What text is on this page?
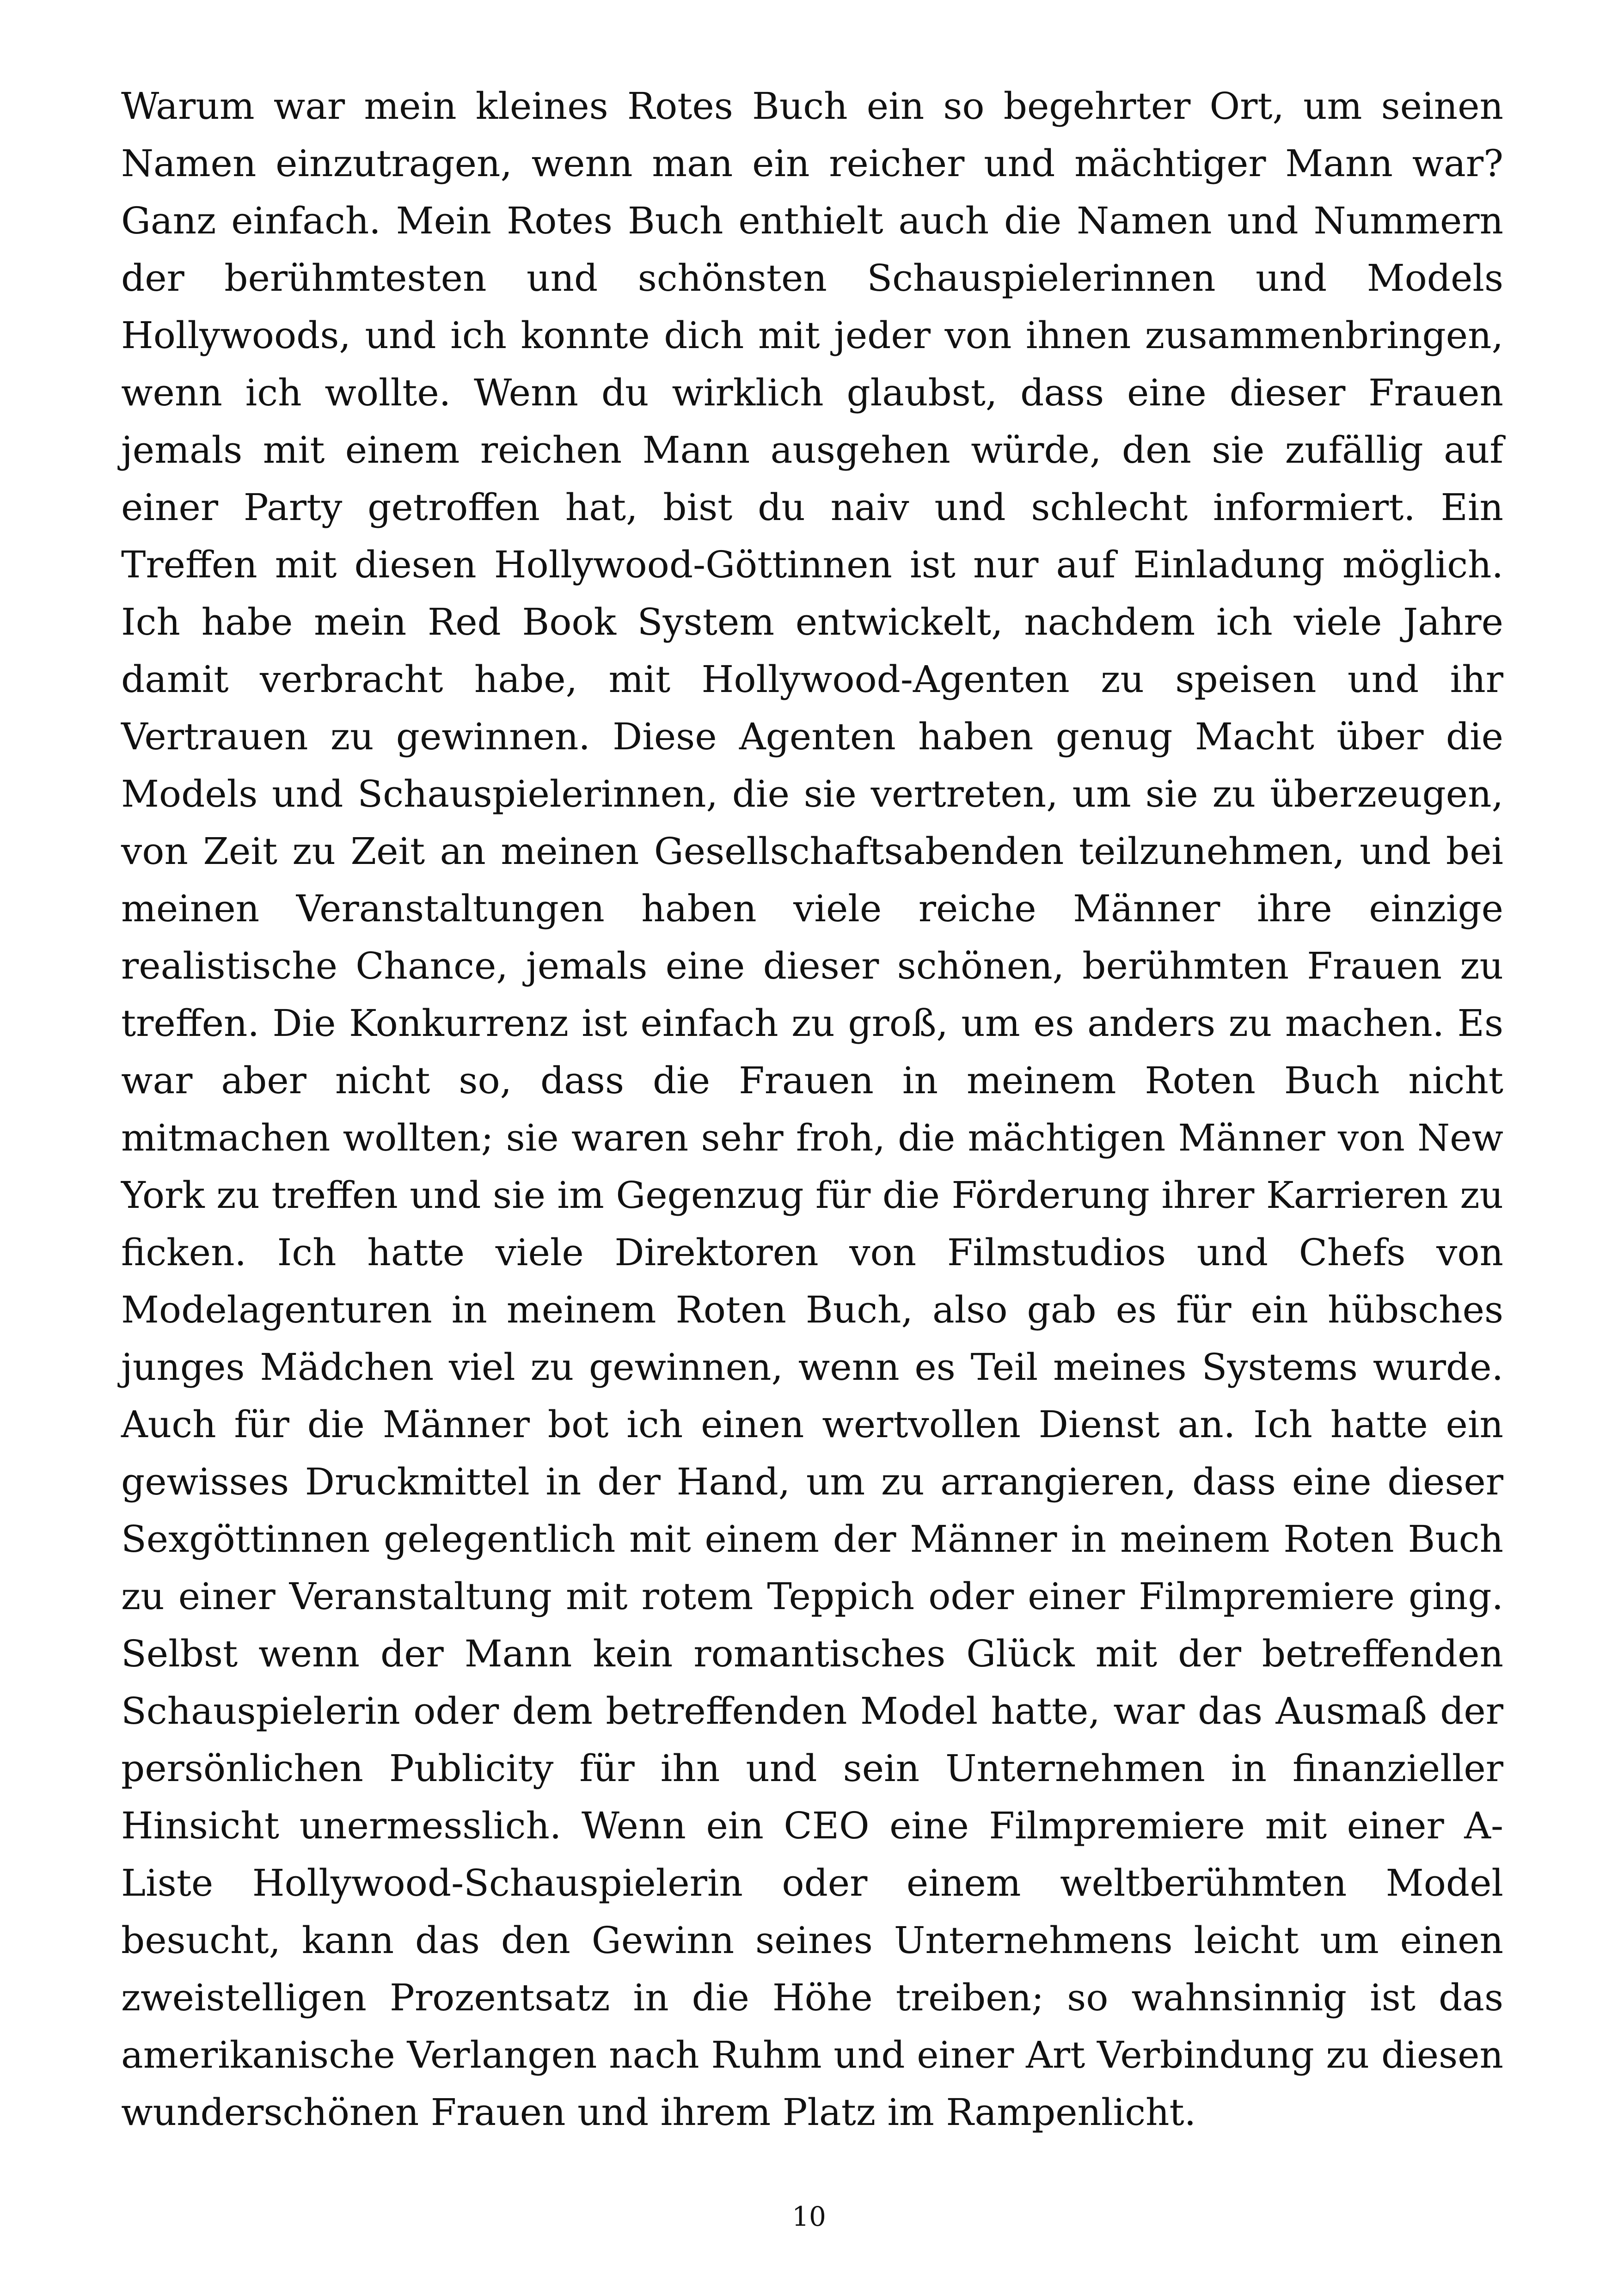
Warum war mein kleines Rotes Buch ein so begehrter Ort, um seinen Namen einzutragen, wenn man ein reicher und mächtiger Mann war? Ganz einfach. Mein Rotes Buch enthielt auch die Namen und Nummern der berühmtesten und schönsten Schauspielerinnen und Models Hollywoods, und ich konnte dich mit jeder von ihnen zusammenbringen, wenn ich wollte. Wenn du wirklich glaubst, dass eine dieser Frauen jemals mit einem reichen Mann ausgehen würde, den sie zufällig auf einer Party getroffen hat, bist du naiv und schlecht informiert. Ein Treffen mit diesen Hollywood-Göttinnen ist nur auf Einladung möglich. Ich habe mein Red Book System entwickelt, nachdem ich viele Jahre damit verbracht habe, mit Hollywood-Agenten zu speisen und ihr Vertrauen zu gewinnen. Diese Agenten haben genug Macht über die Models und Schauspielerinnen, die sie vertreten, um sie zu überzeugen, von Zeit zu Zeit an meinen Gesellschaftsabenden teilzunehmen, und bei meinen Veranstaltungen haben viele reiche Männer ihre einzige realistische Chance, jemals eine dieser schönen, berühmten Frauen zu treffen. Die Konkurrenz ist einfach zu groß, um es anders zu machen. Es war aber nicht so, dass die Frauen in meinem Roten Buch nicht mitmachen wollten; sie waren sehr froh, die mächtigen Männer von New York zu treffen und sie im Gegenzug für die Förderung ihrer Karrieren zu ficken. Ich hatte viele Direktoren von Filmstudios und Chefs von Modelagenturen in meinem Roten Buch, also gab es für ein hübsches junges Mädchen viel zu gewinnen, wenn es Teil meines Systems wurde. Auch für die Männer bot ich einen wertvollen Dienst an. Ich hatte ein gewisses Druckmittel in der Hand, um zu arrangieren, dass eine dieser Sexgöttinnen gelegentlich mit einem der Männer in meinem Roten Buch zu einer Veranstaltung mit rotem Teppich oder einer Filmpremiere ging. Selbst wenn der Mann kein romantisches Glück mit der betreffenden Schauspielerin oder dem betreffenden Model hatte, war das Ausmaß der persönlichen Publicity für ihn und sein Unternehmen in finanzieller Hinsicht unermesslich. Wenn ein CEO eine Filmpremiere mit einer A-Liste Hollywood-Schauspielerin oder einem weltberühmten Model besucht, kann das den Gewinn seines Unternehmens leicht um einen zweistelligen Prozentsatz in die Höhe treiben; so wahnsinnig ist das amerikanische Verlangen nach Ruhm und einer Art Verbindung zu diesen wunderschönen Frauen und ihrem Platz im Rampenlicht.

10
